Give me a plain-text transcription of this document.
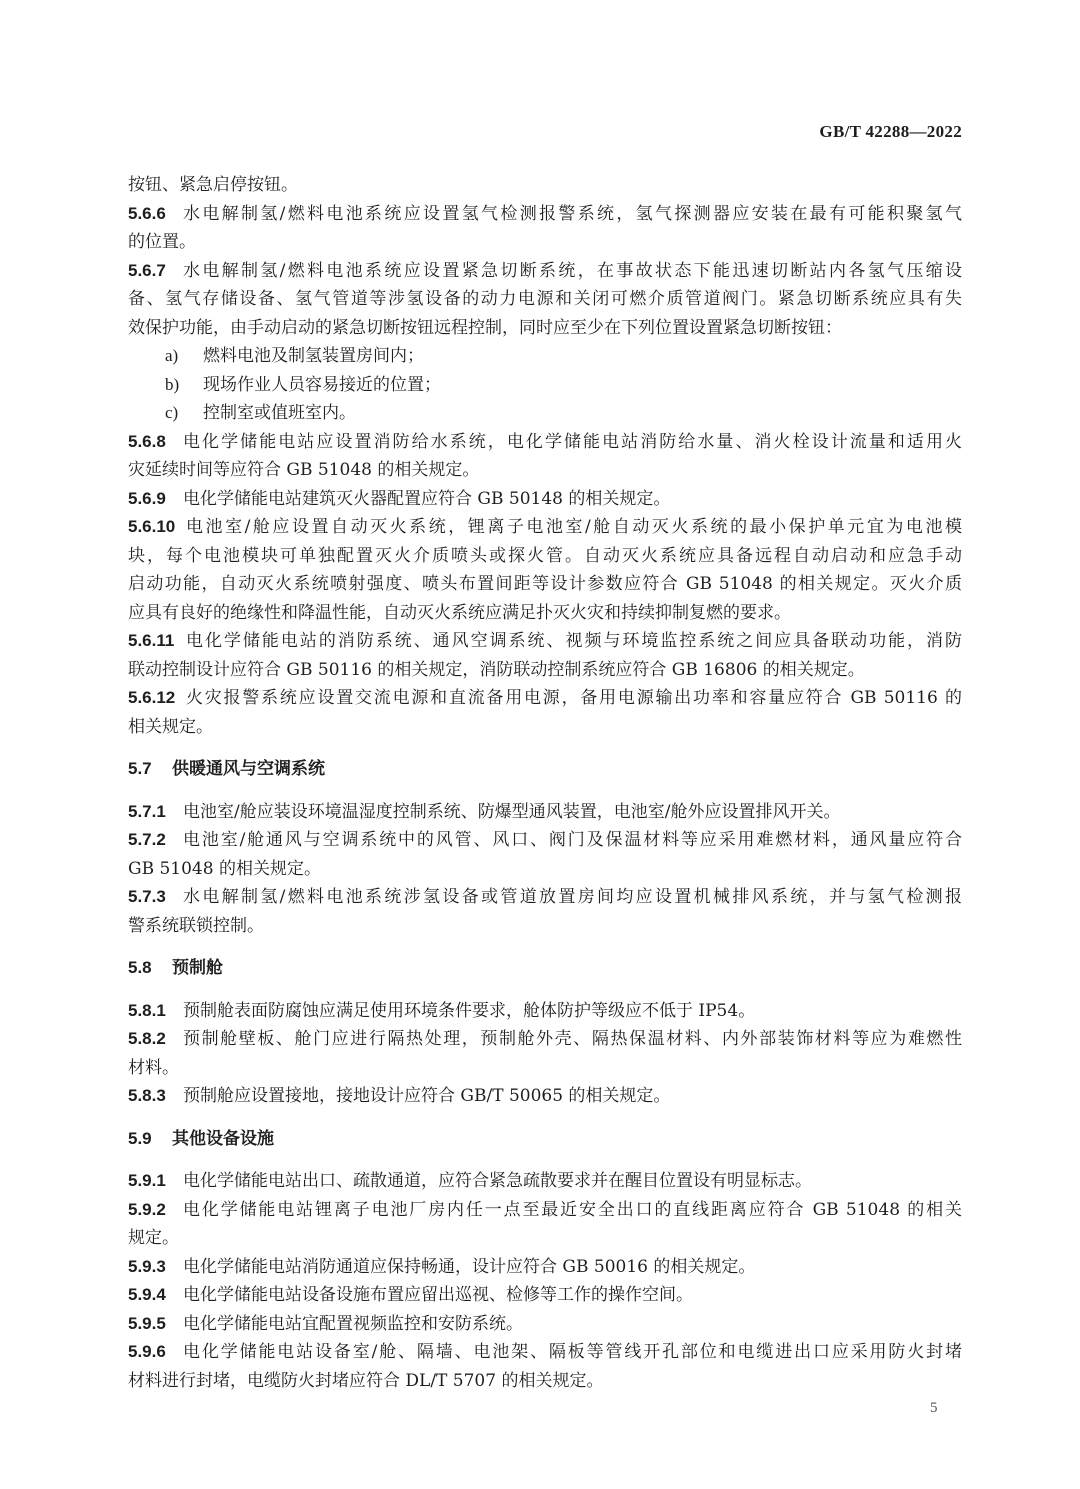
GB/T 42288—2022
按钮、紧急启停按钮。
5.6.6	水电解制氢/燃料电池系统应设置氢气检测报警系统，氢气探测器应安装在最有可能积聚氢气
的位置。
5.6.7	水电解制氢/燃料电池系统应设置紧急切断系统，在事故状态下能迅速切断站内各氢气压缩设
备、氢气存储设备、氢气管道等涉氢设备的动力电源和关闭可燃介质管道阀门。紧急切断系统应具有失
效保护功能，由手动启动的紧急切断按钮远程控制，同时应至少在下列位置设置紧急切断按钮：
a) 燃料电池及制氢装置房间内；
b) 现场作业人员容易接近的位置；
c) 控制室或值班室内。
5.6.8	电化学储能电站应设置消防给水系统，电化学储能电站消防给水量、消火栓设计流量和适用火
灾延续时间等应符合 GB 51048 的相关规定。
5.6.9 电化学储能电站建筑灭火器配置应符合 GB 50148 的相关规定。
5.6.10 电池室/舱应设置自动灭火系统，锂离子电池室/舱自动灭火系统的最小保护单元宜为电池模
块，每个电池模块可单独配置灭火介质喷头或探火管。自动灭火系统应具备远程自动启动和应急手动
启动功能，自动灭火系统喷射强度、喷头布置间距等设计参数应符合 GB 51048 的相关规定。灭火介质
应具有良好的绝缘性和降温性能，自动灭火系统应满足扑灭火灾和持续抑制复燃的要求。
5.6.11 电化学储能电站的消防系统、通风空调系统、视频与环境监控系统之间应具备联动功能，消防
联动控制设计应符合 GB 50116 的相关规定，消防联动控制系统应符合 GB 16806 的相关规定。
5.6.12 火灾报警系统应设置交流电源和直流备用电源，备用电源输出功率和容量应符合 GB 50116 的
相关规定。
5.7 供暖通风与空调系统
5.7.1 电池室/舱应装设环境温湿度控制系统、防爆型通风装置，电池室/舱外应设置排风开关。
5.7.2	电池室/舱通风与空调系统中的风管、风口、阀门及保温材料等应采用难燃材料，通风量应符合
GB 51048 的相关规定。
5.7.3	水电解制氢/燃料电池系统涉氢设备或管道放置房间均应设置机械排风系统，并与氢气检测报
警系统联锁控制。
5.8 预制舱
5.8.1 预制舱表面防腐蚀应满足使用环境条件要求，舱体防护等级应不低于 IP54。
5.8.2	预制舱壁板、舱门应进行隔热处理，预制舱外壳、隔热保温材料、内外部装饰材料等应为难燃性
材料。
5.8.3 预制舱应设置接地，接地设计应符合 GB/T 50065 的相关规定。
5.9 其他设备设施
5.9.1 电化学储能电站出口、疏散通道，应符合紧急疏散要求并在醒目位置设有明显标志。
5.9.2	电化学储能电站锂离子电池厂房内任一点至最近安全出口的直线距离应符合 GB 51048 的相关
规定。
5.9.3 电化学储能电站消防通道应保持畅通，设计应符合 GB 50016 的相关规定。
5.9.4 电化学储能电站设备设施布置应留出巡视、检修等工作的操作空间。
5.9.5 电化学储能电站宜配置视频监控和安防系统。
5.9.6	电化学储能电站设备室/舱、隔墙、电池架、隔板等管线开孔部位和电缆进出口应采用防火封堵
材料进行封堵，电缆防火封堵应符合 DL/T 5707 的相关规定。
5
